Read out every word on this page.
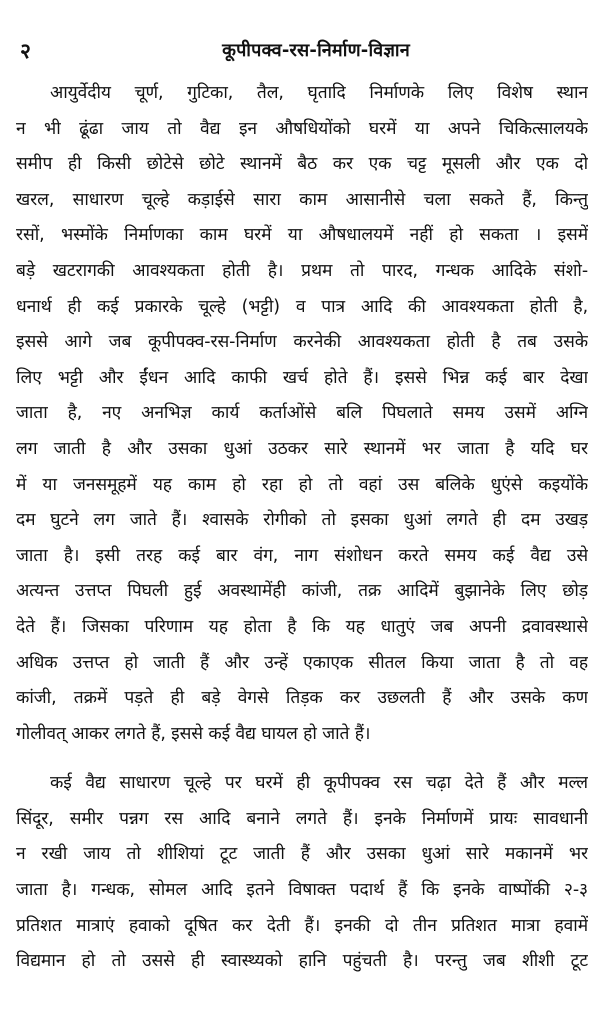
२	कूपीपक्व-रस-निर्माण-विज्ञान
आयुर्वेदीय चूर्ण, गुटिका, तैल, घृतादि निर्माणके लिए विशेष स्थान
न भी ढूंढा जाय तो वैद्य इन औषधियोंको घरमें या अपने चिकित्सालयके
समीप ही किसी छोटेसे छोटे स्थानमें बैठ कर एक चट्ट मूसली और एक दो
खरल, साधारण चूल्हे कड़ाईसे सारा काम आसानीसे चला सकते हैं, किन्तु
रसों, भस्मोंके निर्माणका काम घरमें या औषधालयमें नहीं हो सकता । इसमें
बड़े खटरागकी आवश्यकता होती है। प्रथम तो पारद, गन्धक आदिके संशो-
धनार्थ ही कई प्रकारके चूल्हे (भट्टी) व पात्र आदि की आवश्यकता होती है,
इससे आगे जब कूपीपक्व-रस-निर्माण करनेकी आवश्यकता होती है तब उसके
लिए भट्टी और ईंधन आदि काफी खर्च होते हैं। इससे भिन्न कई बार देखा
जाता है, नए अनभिज्ञ कार्य कर्ताओंसे बलि पिघलाते समय उसमें अग्नि
लग जाती है और उसका धुआं उठकर सारे स्थानमें भर जाता है यदि घर
में या जनसमूहमें यह काम हो रहा हो तो वहां उस बलिके धुएंसे कइयोंके
दम घुटने लग जाते हैं। श्वासके रोगीको तो इसका धुआं लगते ही दम उखड़
जाता है। इसी तरह कई बार वंग, नाग संशोधन करते समय कई वैद्य उसे
अत्यन्त उत्तप्त पिघली हुई अवस्थामेंही कांजी, तक्र आदिमें बुझानेके लिए छोड़
देते हैं। जिसका परिणाम यह होता है कि यह धातुएं जब अपनी द्रवावस्थासे
अधिक उत्तप्त हो जाती हैं और उन्हें एकाएक सीतल किया जाता है तो वह
कांजी, तक्रमें पड़ते ही बड़े वेगसे तिड़क कर उछलती हैं और उसके कण
गोलीवत् आकर लगते हैं, इससे कई वैद्य घायल हो जाते हैं।
कई वैद्य साधारण चूल्हे पर घरमें ही कूपीपक्व रस चढ़ा देते हैं और मल्ल
सिंदूर, समीर पन्नग रस आदि बनाने लगते हैं। इनके निर्माणमें प्रायः सावधानी
न रखी जाय तो शीशियां टूट जाती हैं और उसका धुआं सारे मकानमें भर
जाता है। गन्धक, सोमल आदि इतने विषाक्त पदार्थ हैं कि इनके वाष्पोंकी २-३
प्रतिशत मात्राएं हवाको दूषित कर देती हैं। इनकी दो तीन प्रतिशत मात्रा हवामें
विद्यमान हो तो उससे ही स्वास्थ्यको हानि पहुंचती है। परन्तु जब शीशी टूट
